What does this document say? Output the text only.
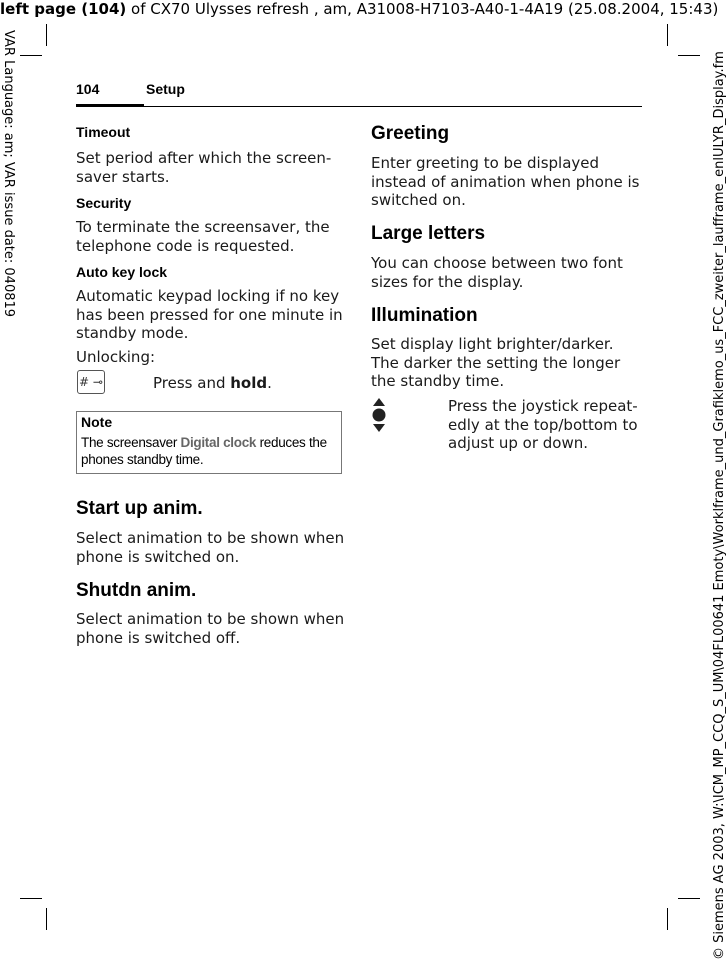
left page (104) of CX70 Ulysses refresh , am, A31008-H7103-A40-1-4A19 (25.08.2004, 15:43)
VAR Language: am; VAR issue date: 040819	© Siemens AG 2003, W:\ICM_MP_CCQ_S_UM\04FL00641 Emoty\Worklframe_und_Grafiklemo_us_FCC_zweiter_laufframe_enlULYR_Display.fm
104	Setup
Timeout
Set period after which the screen-saver starts.
Security
To terminate the screensaver, the telephone code is requested.
Auto key lock
Automatic keypad locking if no key has been pressed for one minute in standby mode.
Unlocking:
# ⊸	Press and hold.
Note
The screensaver Digital clock reduces the phones standby time.
Start up anim.
Select animation to be shown when phone is switched on.
Shutdn anim.
Select animation to be shown when phone is switched off.
Greeting
Enter greeting to be displayed instead of animation when phone is switched on.
Large letters
You can choose between two font sizes for the display.
Illumination
Set display light brighter/darker. The darker the setting the longer the standby time.
Press the joystick repeat-edly at the top/bottom to adjust up or down.
